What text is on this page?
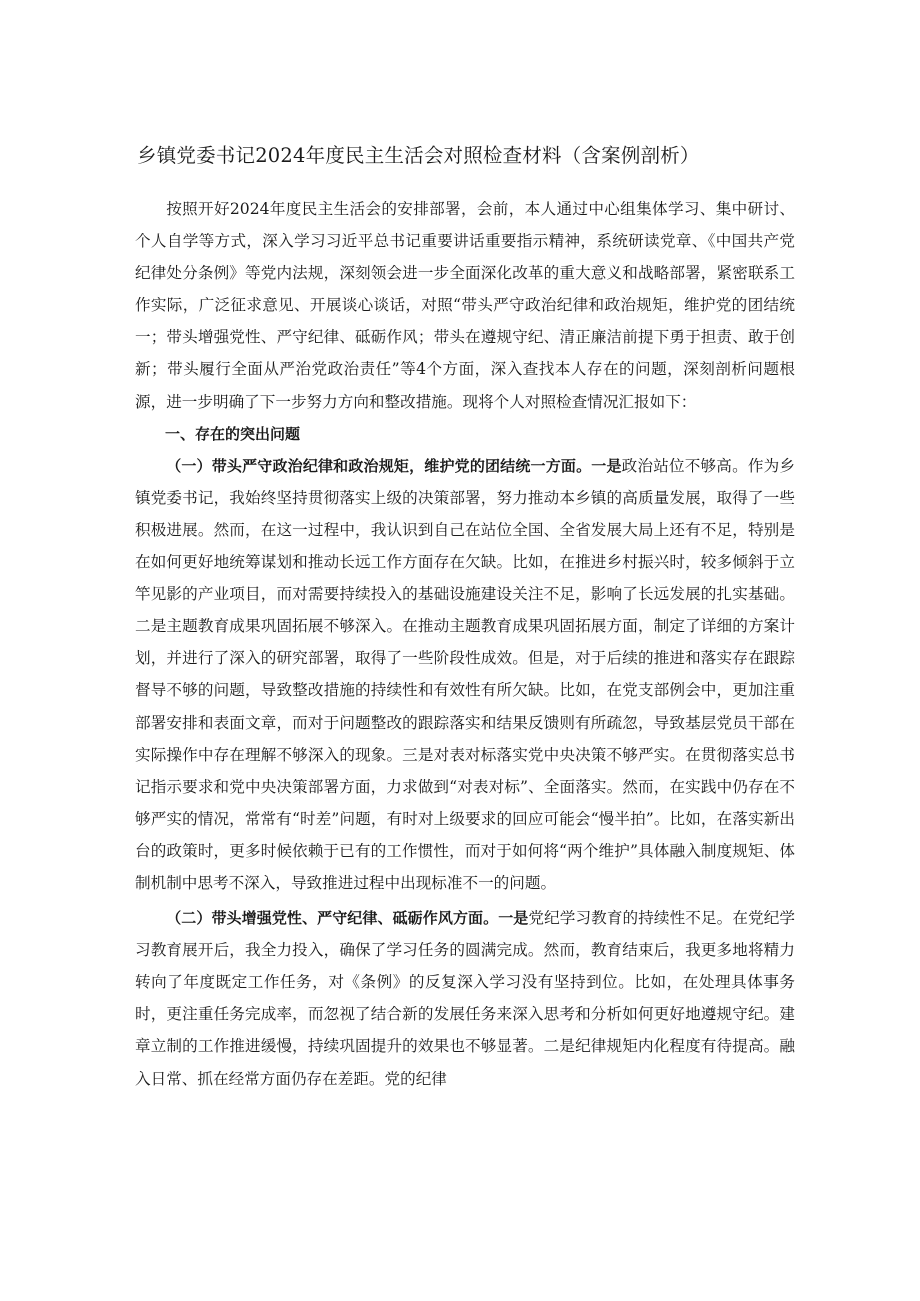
乡镇党委书记2024年度民主生活会对照检查材料（含案例剖析）

按照开好2024年度民主生活会的安排部署，会前，本人通过中心组集体学习、集中研讨、个人自学等方式，深入学习习近平总书记重要讲话重要指示精神，系统研读党章、《中国共产党纪律处分条例》等党内法规，深刻领会进一步全面深化改革的重大意义和战略部署，紧密联系工作实际，广泛征求意见、开展谈心谈话，对照“带头严守政治纪律和政治规矩，维护党的团结统一；带头增强党性、严守纪律、砥砺作风；带头在遵规守纪、清正廉洁前提下勇于担责、敢于创新；带头履行全面从严治党政治责任”等4个方面，深入查找本人存在的问题，深刻剖析问题根源，进一步明确了下一步努力方向和整改措施。现将个人对照检查情况汇报如下：

一、存在的突出问题

（一）带头严守政治纪律和政治规矩，维护党的团结统一方面。一是政治站位不够高。作为乡镇党委书记，我始终坚持贯彻落实上级的决策部署，努力推动本乡镇的高质量发展，取得了一些积极进展。然而，在这一过程中，我认识到自己在站位全国、全省发展大局上还有不足，特别是在如何更好地统筹谋划和推动长远工作方面存在欠缺。比如，在推进乡村振兴时，较多倾斜于立竿见影的产业项目，而对需要持续投入的基础设施建设关注不足，影响了长远发展的扎实基础。二是主题教育成果巩固拓展不够深入。在推动主题教育成果巩固拓展方面，制定了详细的方案计划，并进行了深入的研究部署，取得了一些阶段性成效。但是，对于后续的推进和落实存在跟踪督导不够的问题，导致整改措施的持续性和有效性有所欠缺。比如，在党支部例会中，更加注重部署安排和表面文章，而对于问题整改的跟踪落实和结果反馈则有所疏忽，导致基层党员干部在实际操作中存在理解不够深入的现象。三是对表对标落实党中央决策不够严实。在贯彻落实总书记指示要求和党中央决策部署方面，力求做到“对表对标”、全面落实。然而，在实践中仍存在不够严实的情况，常常有“时差”问题，有时对上级要求的回应可能会“慢半拍”。比如，在落实新出台的政策时，更多时候依赖于已有的工作惯性，而对于如何将“两个维护”具体融入制度规矩、体制机制中思考不深入，导致推进过程中出现标准不一的问题。

（二）带头增强党性、严守纪律、砥砺作风方面。一是党纪学习教育的持续性不足。在党纪学习教育展开后，我全力投入，确保了学习任务的圆满完成。然而，教育结束后，我更多地将精力转向了年度既定工作任务，对《条例》的反复深入学习没有坚持到位。比如，在处理具体事务时，更注重任务完成率，而忽视了结合新的发展任务来深入思考和分析如何更好地遵规守纪。建章立制的工作推进缓慢，持续巩固提升的效果也不够显著。二是纪律规矩内化程度有待提高。融入日常、抓在经常方面仍存在差距。党的纪律
